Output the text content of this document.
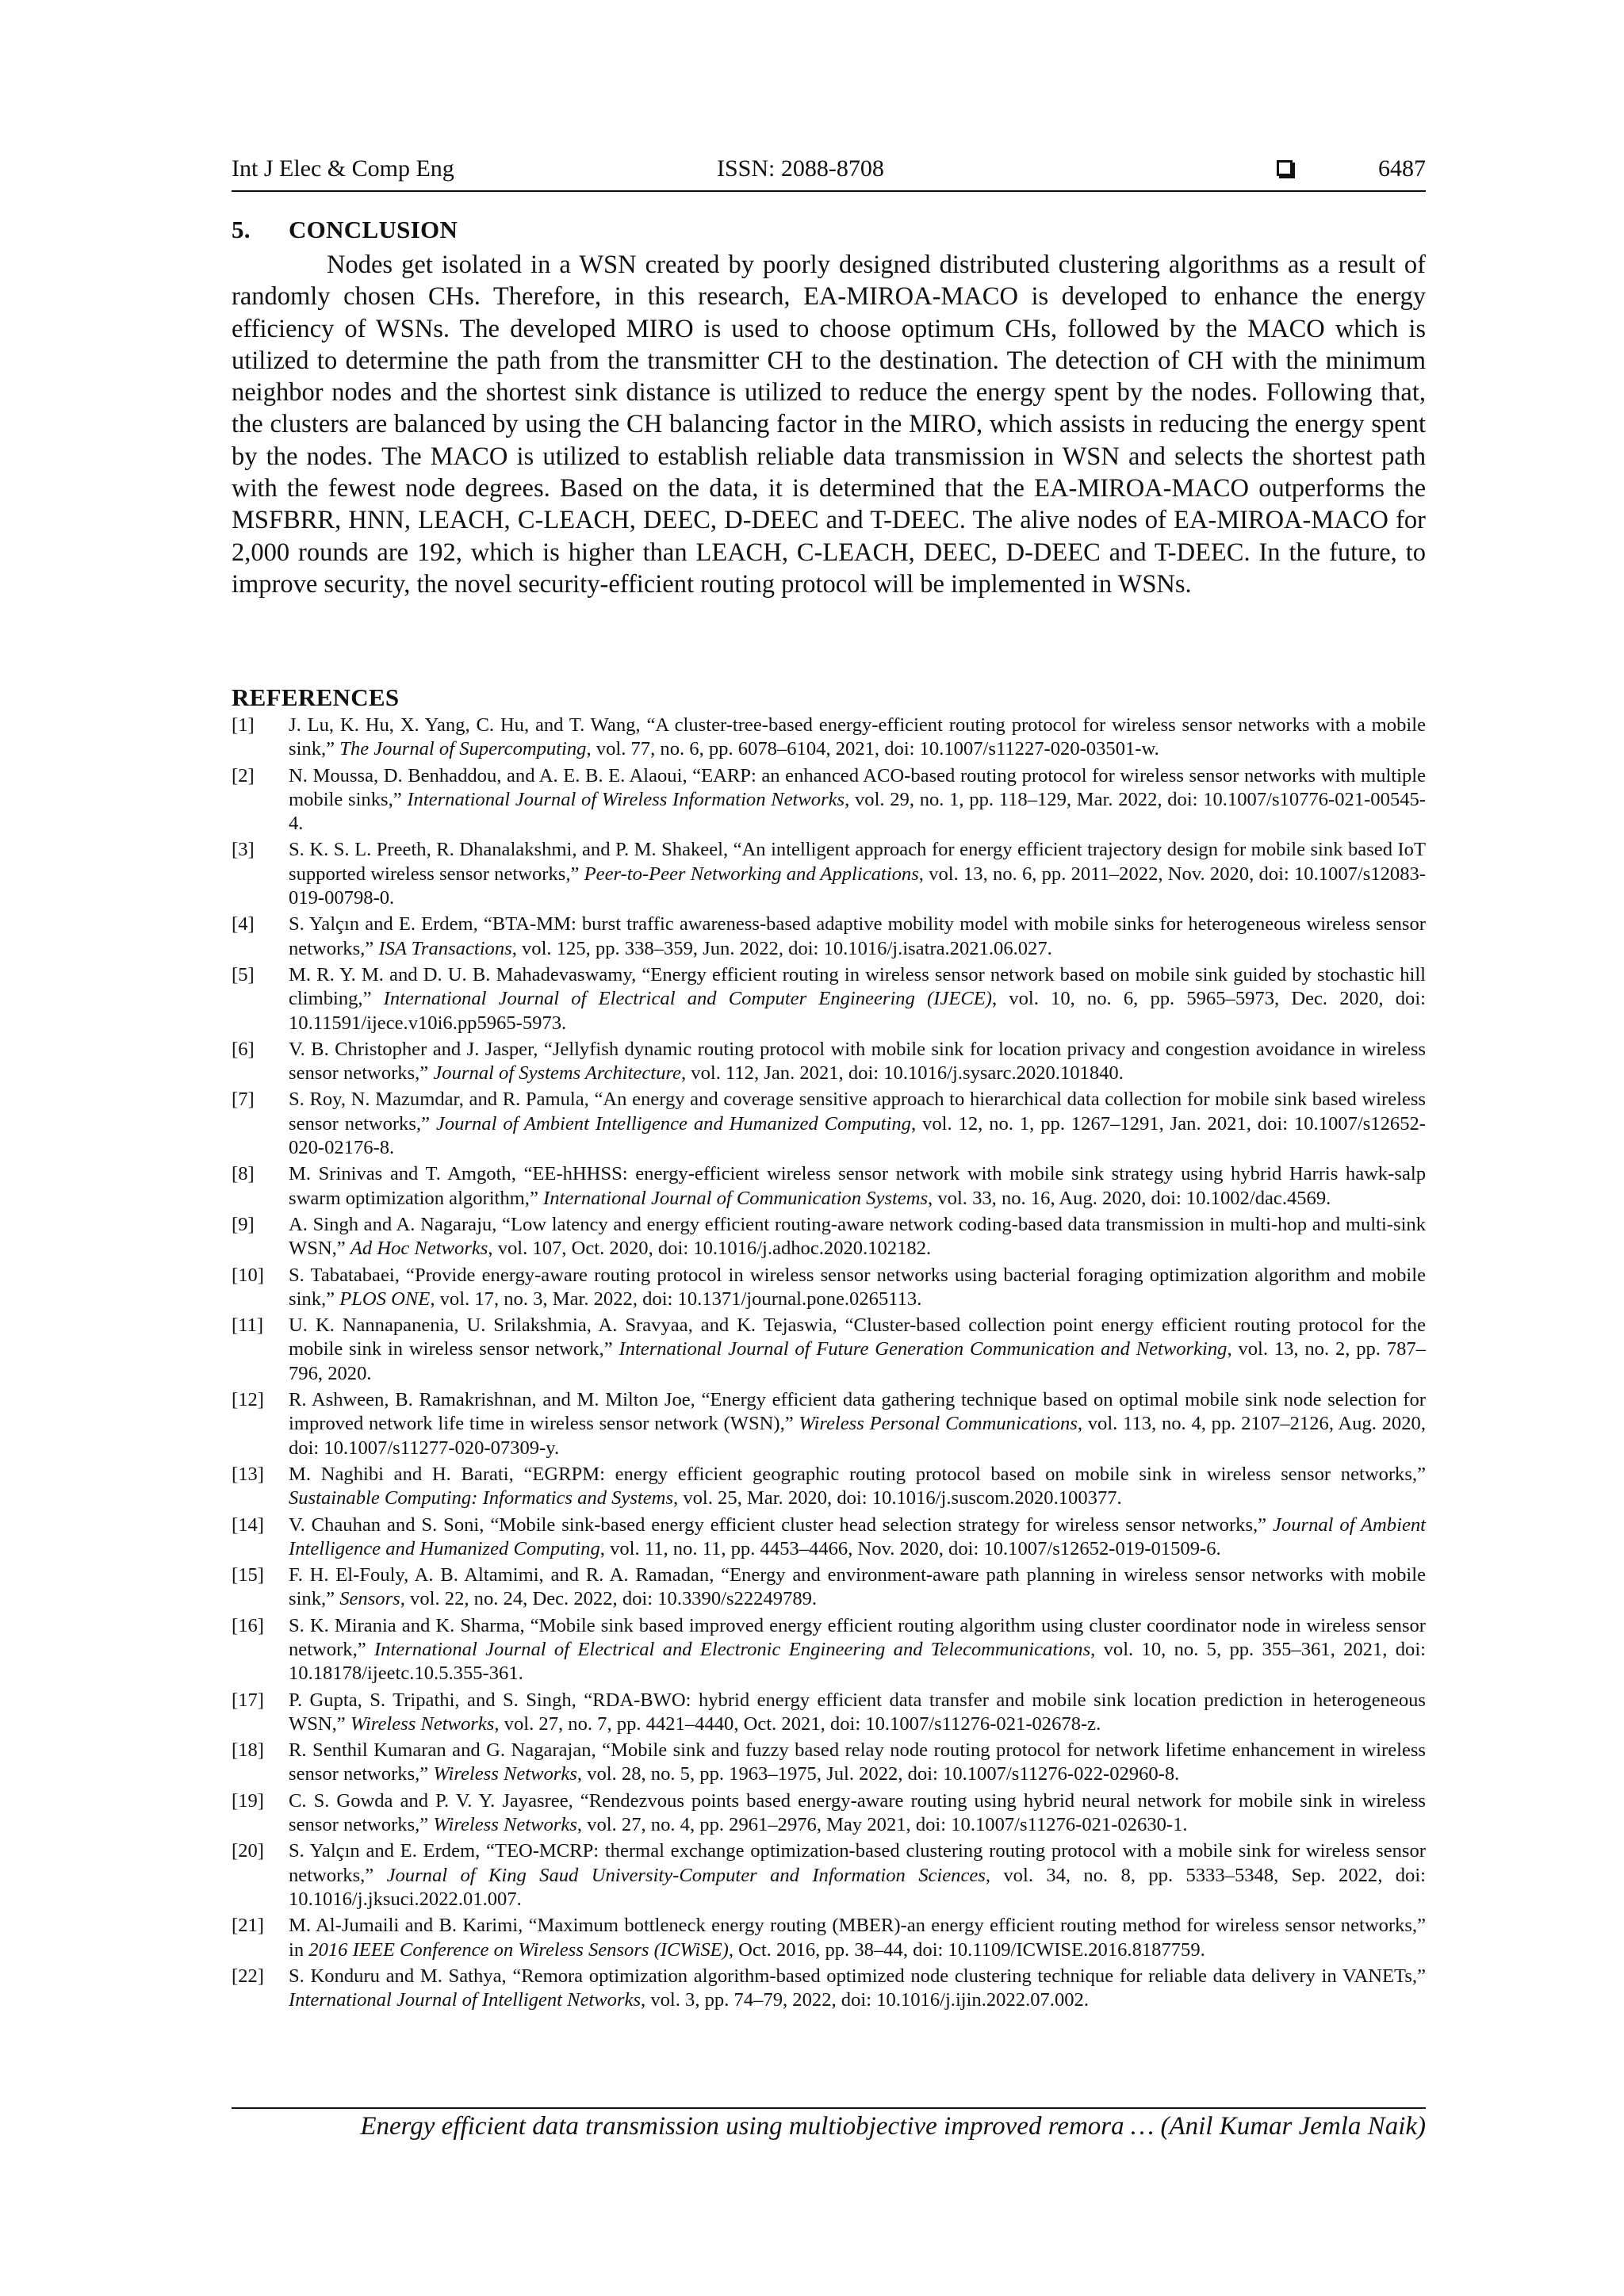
Int J Elec & Comp Eng	ISSN: 2088-8708	6487
5. CONCLUSION

Nodes get isolated in a WSN created by poorly designed distributed clustering algorithms as a result of randomly chosen CHs. Therefore, in this research, EA-MIROA-MACO is developed to enhance the energy efficiency of WSNs. The developed MIRO is used to choose optimum CHs, followed by the MACO which is utilized to determine the path from the transmitter CH to the destination. The detection of CH with the minimum neighbor nodes and the shortest sink distance is utilized to reduce the energy spent by the nodes. Following that, the clusters are balanced by using the CH balancing factor in the MIRO, which assists in reducing the energy spent by the nodes. The MACO is utilized to establish reliable data transmission in WSN and selects the shortest path with the fewest node degrees. Based on the data, it is determined that the EA-MIROA-MACO outperforms the MSFBRR, HNN, LEACH, C-LEACH, DEEC, D-DEEC and T-DEEC. The alive nodes of EA-MIROA-MACO for 2,000 rounds are 192, which is higher than LEACH, C-LEACH, DEEC, D-DEEC and T-DEEC. In the future, to improve security, the novel security-efficient routing protocol will be implemented in WSNs.

REFERENCES
[1] J. Lu, K. Hu, X. Yang, C. Hu, and T. Wang, “A cluster-tree-based energy-efficient routing protocol for wireless sensor networks with a mobile sink,” The Journal of Supercomputing, vol. 77, no. 6, pp. 6078–6104, 2021, doi: 10.1007/s11227-020-03501-w.
[2] N. Moussa, D. Benhaddou, and A. E. B. E. Alaoui, “EARP: an enhanced ACO-based routing protocol for wireless sensor networks with multiple mobile sinks,” International Journal of Wireless Information Networks, vol. 29, no. 1, pp. 118–129, Mar. 2022, doi: 10.1007/s10776-021-00545-4.
[3] S. K. S. L. Preeth, R. Dhanalakshmi, and P. M. Shakeel, “An intelligent approach for energy efficient trajectory design for mobile sink based IoT supported wireless sensor networks,” Peer-to-Peer Networking and Applications, vol. 13, no. 6, pp. 2011–2022, Nov. 2020, doi: 10.1007/s12083-019-00798-0.
[4] S. Yalçın and E. Erdem, “BTA-MM: burst traffic awareness-based adaptive mobility model with mobile sinks for heterogeneous wireless sensor networks,” ISA Transactions, vol. 125, pp. 338–359, Jun. 2022, doi: 10.1016/j.isatra.2021.06.027.
[5] M. R. Y. M. and D. U. B. Mahadevaswamy, “Energy efficient routing in wireless sensor network based on mobile sink guided by stochastic hill climbing,” International Journal of Electrical and Computer Engineering (IJECE), vol. 10, no. 6, pp. 5965–5973, Dec. 2020, doi: 10.11591/ijece.v10i6.pp5965-5973.
[6] V. B. Christopher and J. Jasper, “Jellyfish dynamic routing protocol with mobile sink for location privacy and congestion avoidance in wireless sensor networks,” Journal of Systems Architecture, vol. 112, Jan. 2021, doi: 10.1016/j.sysarc.2020.101840.
[7] S. Roy, N. Mazumdar, and R. Pamula, “An energy and coverage sensitive approach to hierarchical data collection for mobile sink based wireless sensor networks,” Journal of Ambient Intelligence and Humanized Computing, vol. 12, no. 1, pp. 1267–1291, Jan. 2021, doi: 10.1007/s12652-020-02176-8.
[8] M. Srinivas and T. Amgoth, “EE-hHHSS: energy-efficient wireless sensor network with mobile sink strategy using hybrid Harris hawk-salp swarm optimization algorithm,” International Journal of Communication Systems, vol. 33, no. 16, Aug. 2020, doi: 10.1002/dac.4569.
[9] A. Singh and A. Nagaraju, “Low latency and energy efficient routing-aware network coding-based data transmission in multi-hop and multi-sink WSN,” Ad Hoc Networks, vol. 107, Oct. 2020, doi: 10.1016/j.adhoc.2020.102182.
[10] S. Tabatabaei, “Provide energy-aware routing protocol in wireless sensor networks using bacterial foraging optimization algorithm and mobile sink,” PLOS ONE, vol. 17, no. 3, Mar. 2022, doi: 10.1371/journal.pone.0265113.
[11] U. K. Nannapanenia, U. Srilakshmia, A. Sravyaa, and K. Tejaswia, “Cluster-based collection point energy efficient routing protocol for the mobile sink in wireless sensor network,” International Journal of Future Generation Communication and Networking, vol. 13, no. 2, pp. 787–796, 2020.
[12] R. Ashween, B. Ramakrishnan, and M. Milton Joe, “Energy efficient data gathering technique based on optimal mobile sink node selection for improved network life time in wireless sensor network (WSN),” Wireless Personal Communications, vol. 113, no. 4, pp. 2107–2126, Aug. 2020, doi: 10.1007/s11277-020-07309-y.
[13] M. Naghibi and H. Barati, “EGRPM: energy efficient geographic routing protocol based on mobile sink in wireless sensor networks,” Sustainable Computing: Informatics and Systems, vol. 25, Mar. 2020, doi: 10.1016/j.suscom.2020.100377.
[14] V. Chauhan and S. Soni, “Mobile sink-based energy efficient cluster head selection strategy for wireless sensor networks,” Journal of Ambient Intelligence and Humanized Computing, vol. 11, no. 11, pp. 4453–4466, Nov. 2020, doi: 10.1007/s12652-019-01509-6.
[15] F. H. El-Fouly, A. B. Altamimi, and R. A. Ramadan, “Energy and environment-aware path planning in wireless sensor networks with mobile sink,” Sensors, vol. 22, no. 24, Dec. 2022, doi: 10.3390/s22249789.
[16] S. K. Mirania and K. Sharma, “Mobile sink based improved energy efficient routing algorithm using cluster coordinator node in wireless sensor network,” International Journal of Electrical and Electronic Engineering and Telecommunications, vol. 10, no. 5, pp. 355–361, 2021, doi: 10.18178/ijeetc.10.5.355-361.
[17] P. Gupta, S. Tripathi, and S. Singh, “RDA-BWO: hybrid energy efficient data transfer and mobile sink location prediction in heterogeneous WSN,” Wireless Networks, vol. 27, no. 7, pp. 4421–4440, Oct. 2021, doi: 10.1007/s11276-021-02678-z.
[18] R. Senthil Kumaran and G. Nagarajan, “Mobile sink and fuzzy based relay node routing protocol for network lifetime enhancement in wireless sensor networks,” Wireless Networks, vol. 28, no. 5, pp. 1963–1975, Jul. 2022, doi: 10.1007/s11276-022-02960-8.
[19] C. S. Gowda and P. V. Y. Jayasree, “Rendezvous points based energy-aware routing using hybrid neural network for mobile sink in wireless sensor networks,” Wireless Networks, vol. 27, no. 4, pp. 2961–2976, May 2021, doi: 10.1007/s11276-021-02630-1.
[20] S. Yalçın and E. Erdem, “TEO-MCRP: thermal exchange optimization-based clustering routing protocol with a mobile sink for wireless sensor networks,” Journal of King Saud University-Computer and Information Sciences, vol. 34, no. 8, pp. 5333–5348, Sep. 2022, doi: 10.1016/j.jksuci.2022.01.007.
[21] M. Al-Jumaili and B. Karimi, “Maximum bottleneck energy routing (MBER)-an energy efficient routing method for wireless sensor networks,” in 2016 IEEE Conference on Wireless Sensors (ICWiSE), Oct. 2016, pp. 38–44, doi: 10.1109/ICWISE.2016.8187759.
[22] S. Konduru and M. Sathya, “Remora optimization algorithm-based optimized node clustering technique for reliable data delivery in VANETs,” International Journal of Intelligent Networks, vol. 3, pp. 74–79, 2022, doi: 10.1016/j.ijin.2022.07.002.
Energy efficient data transmission using multiobjective improved remora … (Anil Kumar Jemla Naik)
